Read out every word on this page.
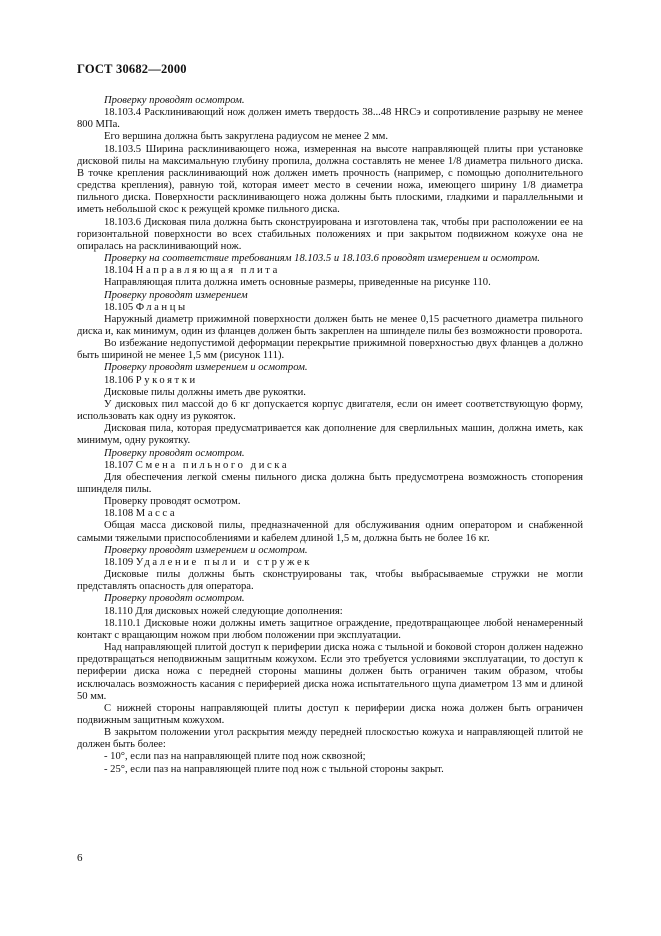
ГОСТ 30682—2000

Проверку проводят осмотром.

18.103.4 Расклинивающий нож должен иметь твердость 38...48 HRCэ и сопротивление разрыву не менее 800 МПа.

Его вершина должна быть закруглена радиусом не менее 2 мм.

18.103.5 Ширина расклинивающего ножа, измеренная на высоте направляющей плиты при установке дисковой пилы на максимальную глубину пропила, должна составлять не менее 1/8 диаметра пильного диска. В точке крепления расклинивающий нож должен иметь прочность (например, с помощью дополнительного средства крепления), равную той, которая имеет место в сечении ножа, имеющего ширину 1/8 диаметра пильного диска. Поверхности расклинивающего ножа должны быть плоскими, гладкими и параллельными и иметь небольшой скос к режущей кромке пильного диска.

18.103.6 Дисковая пила должна быть сконструирована и изготовлена так, чтобы при расположении ее на горизонтальной поверхности во всех стабильных положениях и при закрытом подвижном кожухе она не опиралась на расклинивающий нож.

Проверку на соответствие требованиям 18.103.5 и 18.103.6 проводят измерением и осмотром.

18.104 Направляющая плита

Направляющая плита должна иметь основные размеры, приведенные на рисунке 110.

Проверку проводят измерением

18.105 Фланцы

Наружный диаметр прижимной поверхности должен быть не менее 0,15 расчетного диаметра пильного диска и, как минимум, один из фланцев должен быть закреплен на шпинделе пилы без возможности проворота.

Во избежание недопустимой деформации перекрытие прижимной поверхностью двух фланцев a должно быть шириной не менее 1,5 мм (рисунок 111).

Проверку проводят измерением и осмотром.

18.106 Рукоятки

Дисковые пилы должны иметь две рукоятки.

У дисковых пил массой до 6 кг допускается корпус двигателя, если он имеет соответствующую форму, использовать как одну из рукояток.

Дисковая пила, которая предусматривается как дополнение для сверлильных машин, должна иметь, как минимум, одну рукоятку.

Проверку проводят осмотром.

18.107 Смена пильного диска

Для обеспечения легкой смены пильного диска должна быть предусмотрена возможность стопорения шпинделя пилы.

Проверку проводят осмотром.

18.108 Масса

Общая масса дисковой пилы, предназначенной для обслуживания одним оператором и снабженной самыми тяжелыми приспособлениями и кабелем длиной 1,5 м, должна быть не более 16 кг.

Проверку проводят измерением и осмотром.

18.109 Удаление пыли и стружек

Дисковые пилы должны быть сконструированы так, чтобы выбрасываемые стружки не могли представлять опасность для оператора.

Проверку проводят осмотром.

18.110 Для дисковых ножей следующие дополнения:

18.110.1 Дисковые ножи должны иметь защитное ограждение, предотвращающее любой ненамеренный контакт с вращающим ножом при любом положении при эксплуатации.

Над направляющей плитой доступ к периферии диска ножа с тыльной и боковой сторон должен надежно предотвращаться неподвижным защитным кожухом. Если это требуется условиями эксплуатации, то доступ к периферии диска ножа с передней стороны машины должен быть ограничен таким образом, чтобы исключалась возможность касания с периферией диска ножа испытательного щупа диаметром 13 мм и длиной 50 мм.

С нижней стороны направляющей плиты доступ к периферии диска ножа должен быть ограничен подвижным защитным кожухом.

В закрытом положении угол раскрытия между передней плоскостью кожуха и направляющей плитой не должен быть более:

- 10°, если паз на направляющей плите под нож сквозной;

- 25°, если паз на направляющей плите под нож с тыльной стороны закрыт.

6
